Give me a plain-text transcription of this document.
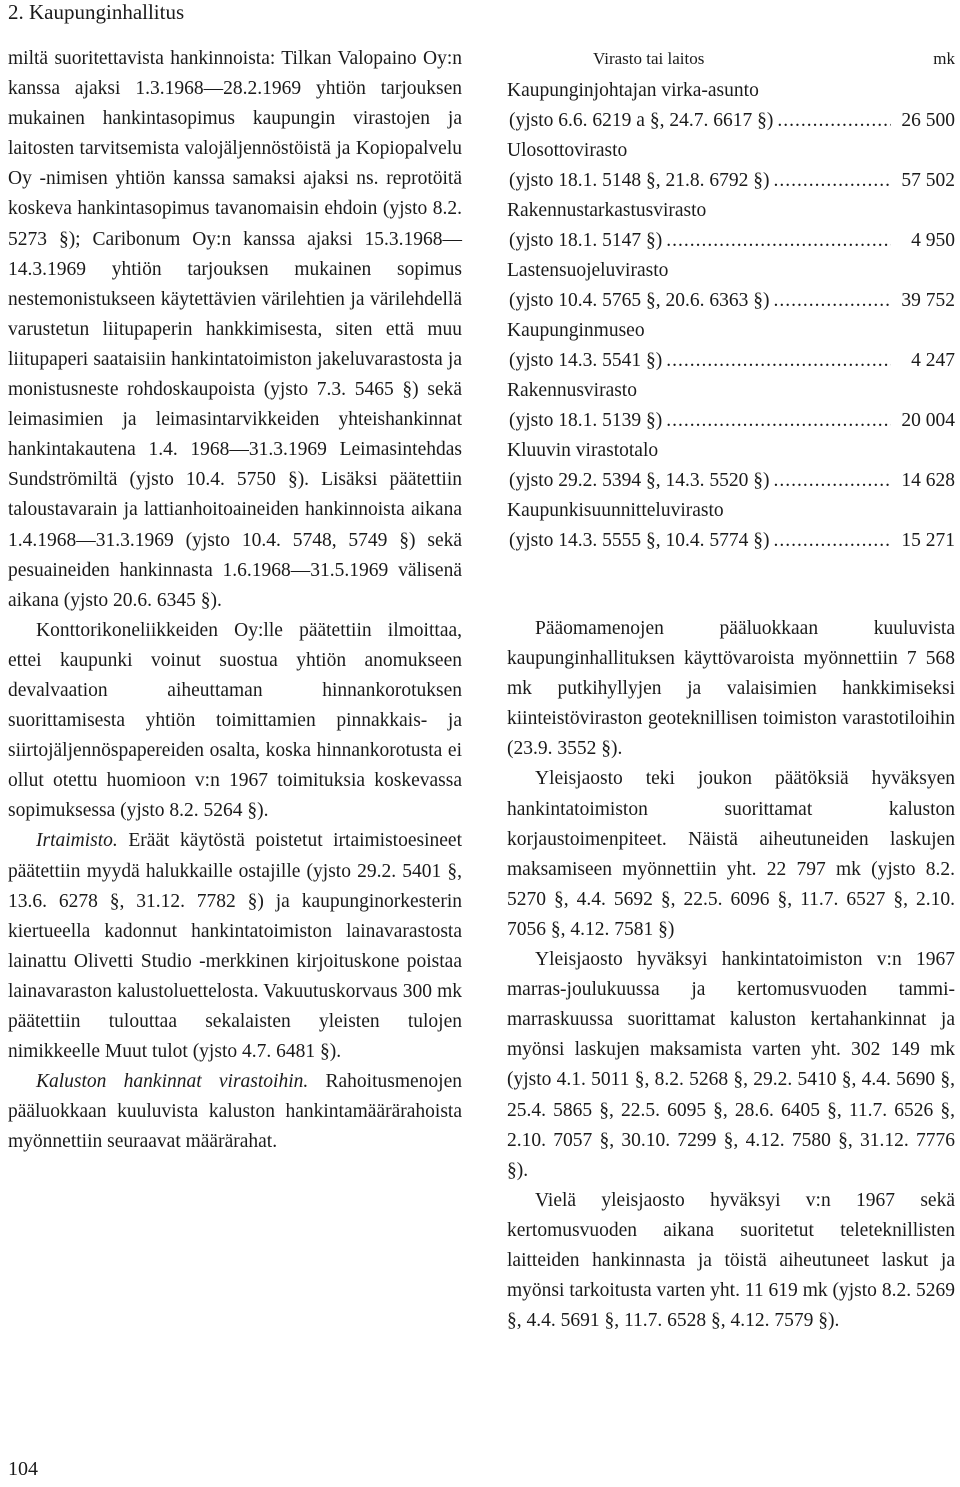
2. Kaupunginhallitus

miltä suoritettavista hankinnoista: Tilkan Valopaino Oy:n kanssa ajaksi 1.3.1968—28.2.1969 yhtiön tarjouksen mukainen hankintasopimus kaupungin virastojen ja laitosten tarvitsemista valojäljennöstöistä ja Kopiopalvelu Oy -nimisen yhtiön kanssa samaksi ajaksi ns. reprotöitä koskeva hankintasopimus tavanomaisin ehdoin (yjsto 8.2. 5273 §); Caribonum Oy:n kanssa ajaksi 15.3.1968—14.3.1969 yhtiön tarjouksen mukainen sopimus nestemonistukseen käytettävien värilehtien ja värilehdellä varustetun liitupaperin hankkimisesta, siten että muu liitupaperi saataisiin hankintatoimiston jakeluvarastosta ja monistusneste rohdoskaupoista (yjsto 7.3. 5465 §) sekä leimasimien ja leimasintarvikkeiden yhteishankinnat hankintakautena 1.4. 1968—31.3.1969 Leimasintehdas Sundströmiltä (yjsto 10.4. 5750 §). Lisäksi päätettiin taloustavarain ja lattianhoitoaineiden hankinnoista aikana 1.4.1968—31.3.1969 (yjsto 10.4. 5748, 5749 §) sekä pesuaineiden hankinnasta 1.6.1968—31.5.1969 välisenä aikana (yjsto 20.6. 6345 §).

Konttorikoneliikkeiden Oy:lle päätettiin ilmoittaa, ettei kaupunki voinut suostua yhtiön anomukseen devalvaation aiheuttaman hinnankorotuksen suorittamisesta yhtiön toimittamien pinnakkais- ja siirtojäljennöspapereiden osalta, koska hinnankorotusta ei ollut otettu huomioon v:n 1967 toimituksia koskevassa sopimuksessa (yjsto 8.2. 5264 §).

Irtaimisto. Eräät käytöstä poistetut irtaimistoesineet päätettiin myydä halukkaille ostajille (yjsto 29.2. 5401 §, 13.6. 6278 §, 31.12. 7782 §) ja kaupunginorkesterin kiertueella kadonnut hankintatoimiston lainavarastosta lainattu Olivetti Studio -merkkinen kirjoituskone poistaa lainavaraston kalustoluettelosta. Vakuutuskorvaus 300 mk päätettiin tulouttaa sekalaisten yleisten tulojen nimikkeelle Muut tulot (yjsto 4.7. 6481 §).

Kaluston hankinnat virastoihin. Rahoitusmenojen pääluokkaan kuuluvista kaluston hankintamäärärahoista myönnettiin seuraavat määrärahat.

Virasto tai laitos	mk
Kaupunginjohtajan virka-asunto
(yjsto 6.6. 6219 a §, 24.7. 6617 §) .....	26 500
Ulosottovirasto
(yjsto 18.1. 5148 §, 21.8. 6792 §) .....	57 502
Rakennustarkastusvirasto
(yjsto 18.1. 5147 §) .....	4 950
Lastensuojeluvirasto
(yjsto 10.4. 5765 §, 20.6. 6363 §) .....	39 752
Kaupunginmuseo
(yjsto 14.3. 5541 §) .....	4 247
Rakennusvirasto
(yjsto 18.1. 5139 §) .....	20 004
Kluuvin virastotalo
(yjsto 29.2. 5394 §, 14.3. 5520 §) .....	14 628
Kaupunkisuunnitteluvirasto
(yjsto 14.3. 5555 §, 10.4. 5774 §) .....	15 271

Pääomamenojen pääluokkaan kuuluvista kaupunginhallituksen käyttövaroista myönnettiin 7 568 mk putkihyllyjen ja valaisimien hankkimiseksi kiinteistöviraston geoteknillisen toimiston varastotiloihin (23.9. 3552 §).

Yleisjaosto teki joukon päätöksiä hyväksyen hankintatoimiston suorittamat kaluston korjaustoimenpiteet. Näistä aiheutuneiden laskujen maksamiseen myönnettiin yht. 22 797 mk (yjsto 8.2. 5270 §, 4.4. 5692 §, 22.5. 6096 §, 11.7. 6527 §, 2.10. 7056 §, 4.12. 7581 §)

Yleisjaosto hyväksyi hankintatoimiston v:n 1967 marras-joulukuussa ja kertomusvuoden tammi-marraskuussa suorittamat kaluston kertahankinnat ja myönsi laskujen maksamista varten yht. 302 149 mk (yjsto 4.1. 5011 §, 8.2. 5268 §, 29.2. 5410 §, 4.4. 5690 §, 25.4. 5865 §, 22.5. 6095 §, 28.6. 6405 §, 11.7. 6526 §, 2.10. 7057 §, 30.10. 7299 §, 4.12. 7580 §, 31.12. 7776 §).

Vielä yleisjaosto hyväksyi v:n 1967 sekä kertomusvuoden aikana suoritetut teleteknillisten laitteiden hankinnasta ja töistä aiheutuneet laskut ja myönsi tarkoitusta varten yht. 11 619 mk (yjsto 8.2. 5269 §, 4.4. 5691 §, 11.7. 6528 §, 4.12. 7579 §).

104
